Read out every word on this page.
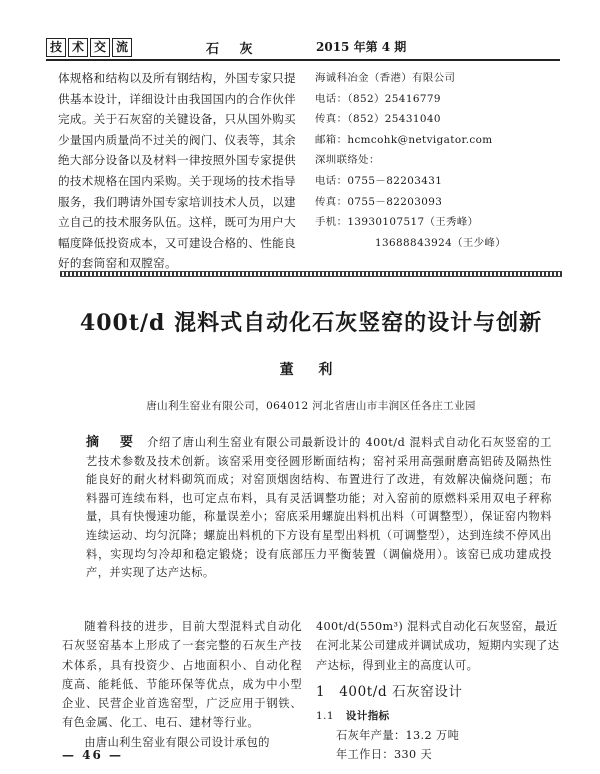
技 术 交 流	石 灰	2015 年第 4 期
体规格和结构以及所有钢结构，外国专家只提供基本设计，详细设计由我国国内的合作伙伴完成。关于石灰窑的关键设备，只从国外购买少量国内质量尚不过关的阀门、仪表等，其余绝大部分设备以及材料一律按照外国专家提供的技术规格在国内采购。关于现场的技术指导服务，我们聘请外国专家培训技术人员，以建立自己的技术服务队伍。这样，既可为用户大幅度降低投资成本，又可建设合格的、性能良好的套筒窑和双膛窑。
海诚科冶金（香港）有限公司
电话：（852）25416779
传真：（852）25431040
邮箱：hcmcohk@netvigator.com
深圳联络处：
电话：0755－82203431
传真：0755－82203093
手机：13930107517（王秀峰）
13688843924（王少峰）
400t/d 混料式自动化石灰竖窑的设计与创新
董 利
唐山利生窑业有限公司，064012 河北省唐山市丰润区任各庄工业园
摘 要 介绍了唐山利生窑业有限公司最新设计的 400t/d 混料式自动化石灰竖窑的工艺技术参数及技术创新。该窑采用变径圆形断面结构；窑衬采用高强耐磨高铝砖及隔热性能良好的耐火材料砌筑而成；对窑顶烟囱结构、布置进行了改进，有效解决偏烧问题；布料器可连续布料，也可定点布料，具有灵活调整功能；对入窑前的原燃料采用双电子秤称量，具有快慢速功能，称量误差小；窑底采用螺旋出料机出料（可调整型），保证窑内物料连续运动、均匀沉降；螺旋出料机的下方设有星型出料机（可调整型），达到连续不停风出料，实现均匀冷却和稳定锻烧；设有底部压力平衡装置（调偏烧用）。该窑已成功建成投产，并实现了达产达标。

随着科技的进步，目前大型混料式自动化石灰竖窑基本上形成了一套完整的石灰生产技术体系，具有投资少、占地面积小、自动化程度高、能耗低、节能环保等优点，成为中小型企业、民营企业首选窑型，广泛应用于钢铁、有色金属、化工、电石、建材等行业。

由唐山利生窑业有限公司设计承包的

400t/d(550m³) 混料式自动化石灰竖窑，最近在河北某公司建成并调试成功，短期内实现了达产达标，得到业主的高度认可。

1 400t/d 石灰窑设计

1.1 设计指标

石灰年产量：13.2 万吨

年工作日：330 天

— 46 —
